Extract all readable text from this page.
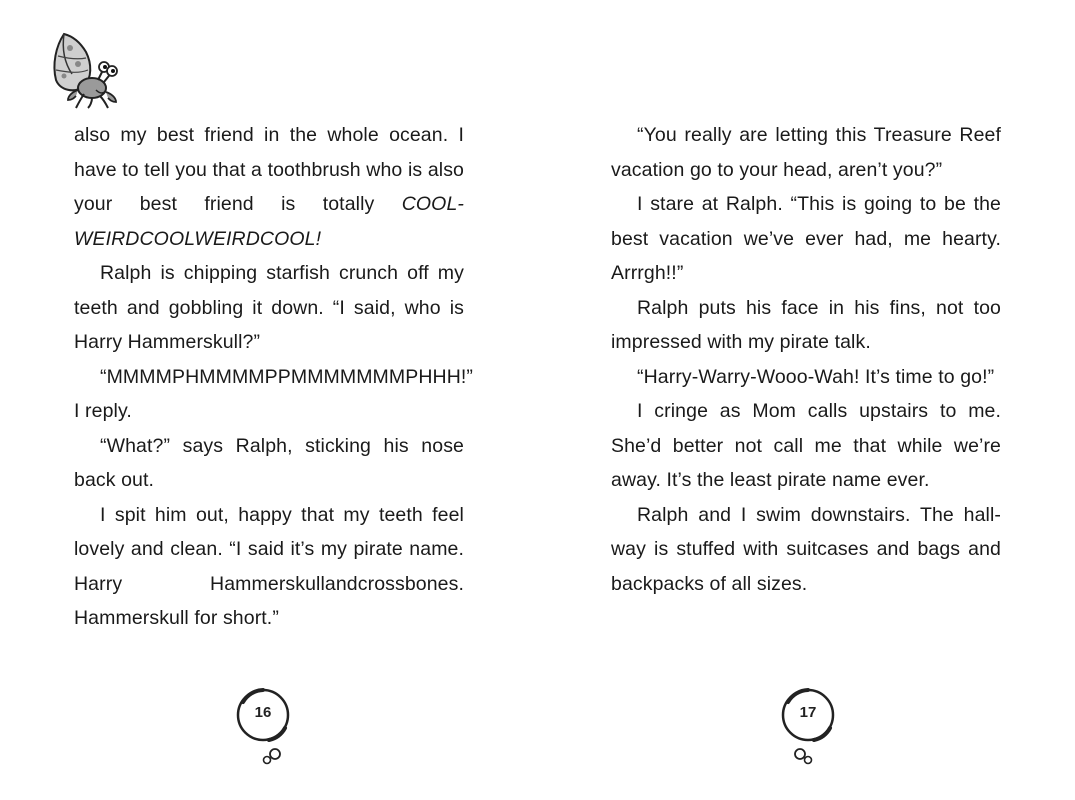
also my best friend in the whole ocean. I have to tell you that a toothbrush who is also your best friend is totally COOL-WEIRDCOOLWEIRDCOOL!

Ralph is chipping starfish crunch off my teeth and gobbling it down. “I said, who is Harry Hammerskull?”

“MMMMPHMMMMPPMMMMMMMPHHH!” I reply.

“What?” says Ralph, sticking his nose back out.

I spit him out, happy that my teeth feel lovely and clean. “I said it’s my pirate name. Harry Hammerskullandcrossbones. Hammerskull for short.”

“You really are letting this Treasure Reef vacation go to your head, aren’t you?”

I stare at Ralph. “This is going to be the best vacation we’ve ever had, me hearty. Arrrgh!!”

Ralph puts his face in his fins, not too impressed with my pirate talk.

“Harry-Warry-Wooo-Wah! It’s time to go!”

I cringe as Mom calls upstairs to me. She’d better not call me that while we’re away. It’s the least pirate name ever.

Ralph and I swim downstairs. The hall-way is stuffed with suitcases and bags and backpacks of all sizes.

16	17
